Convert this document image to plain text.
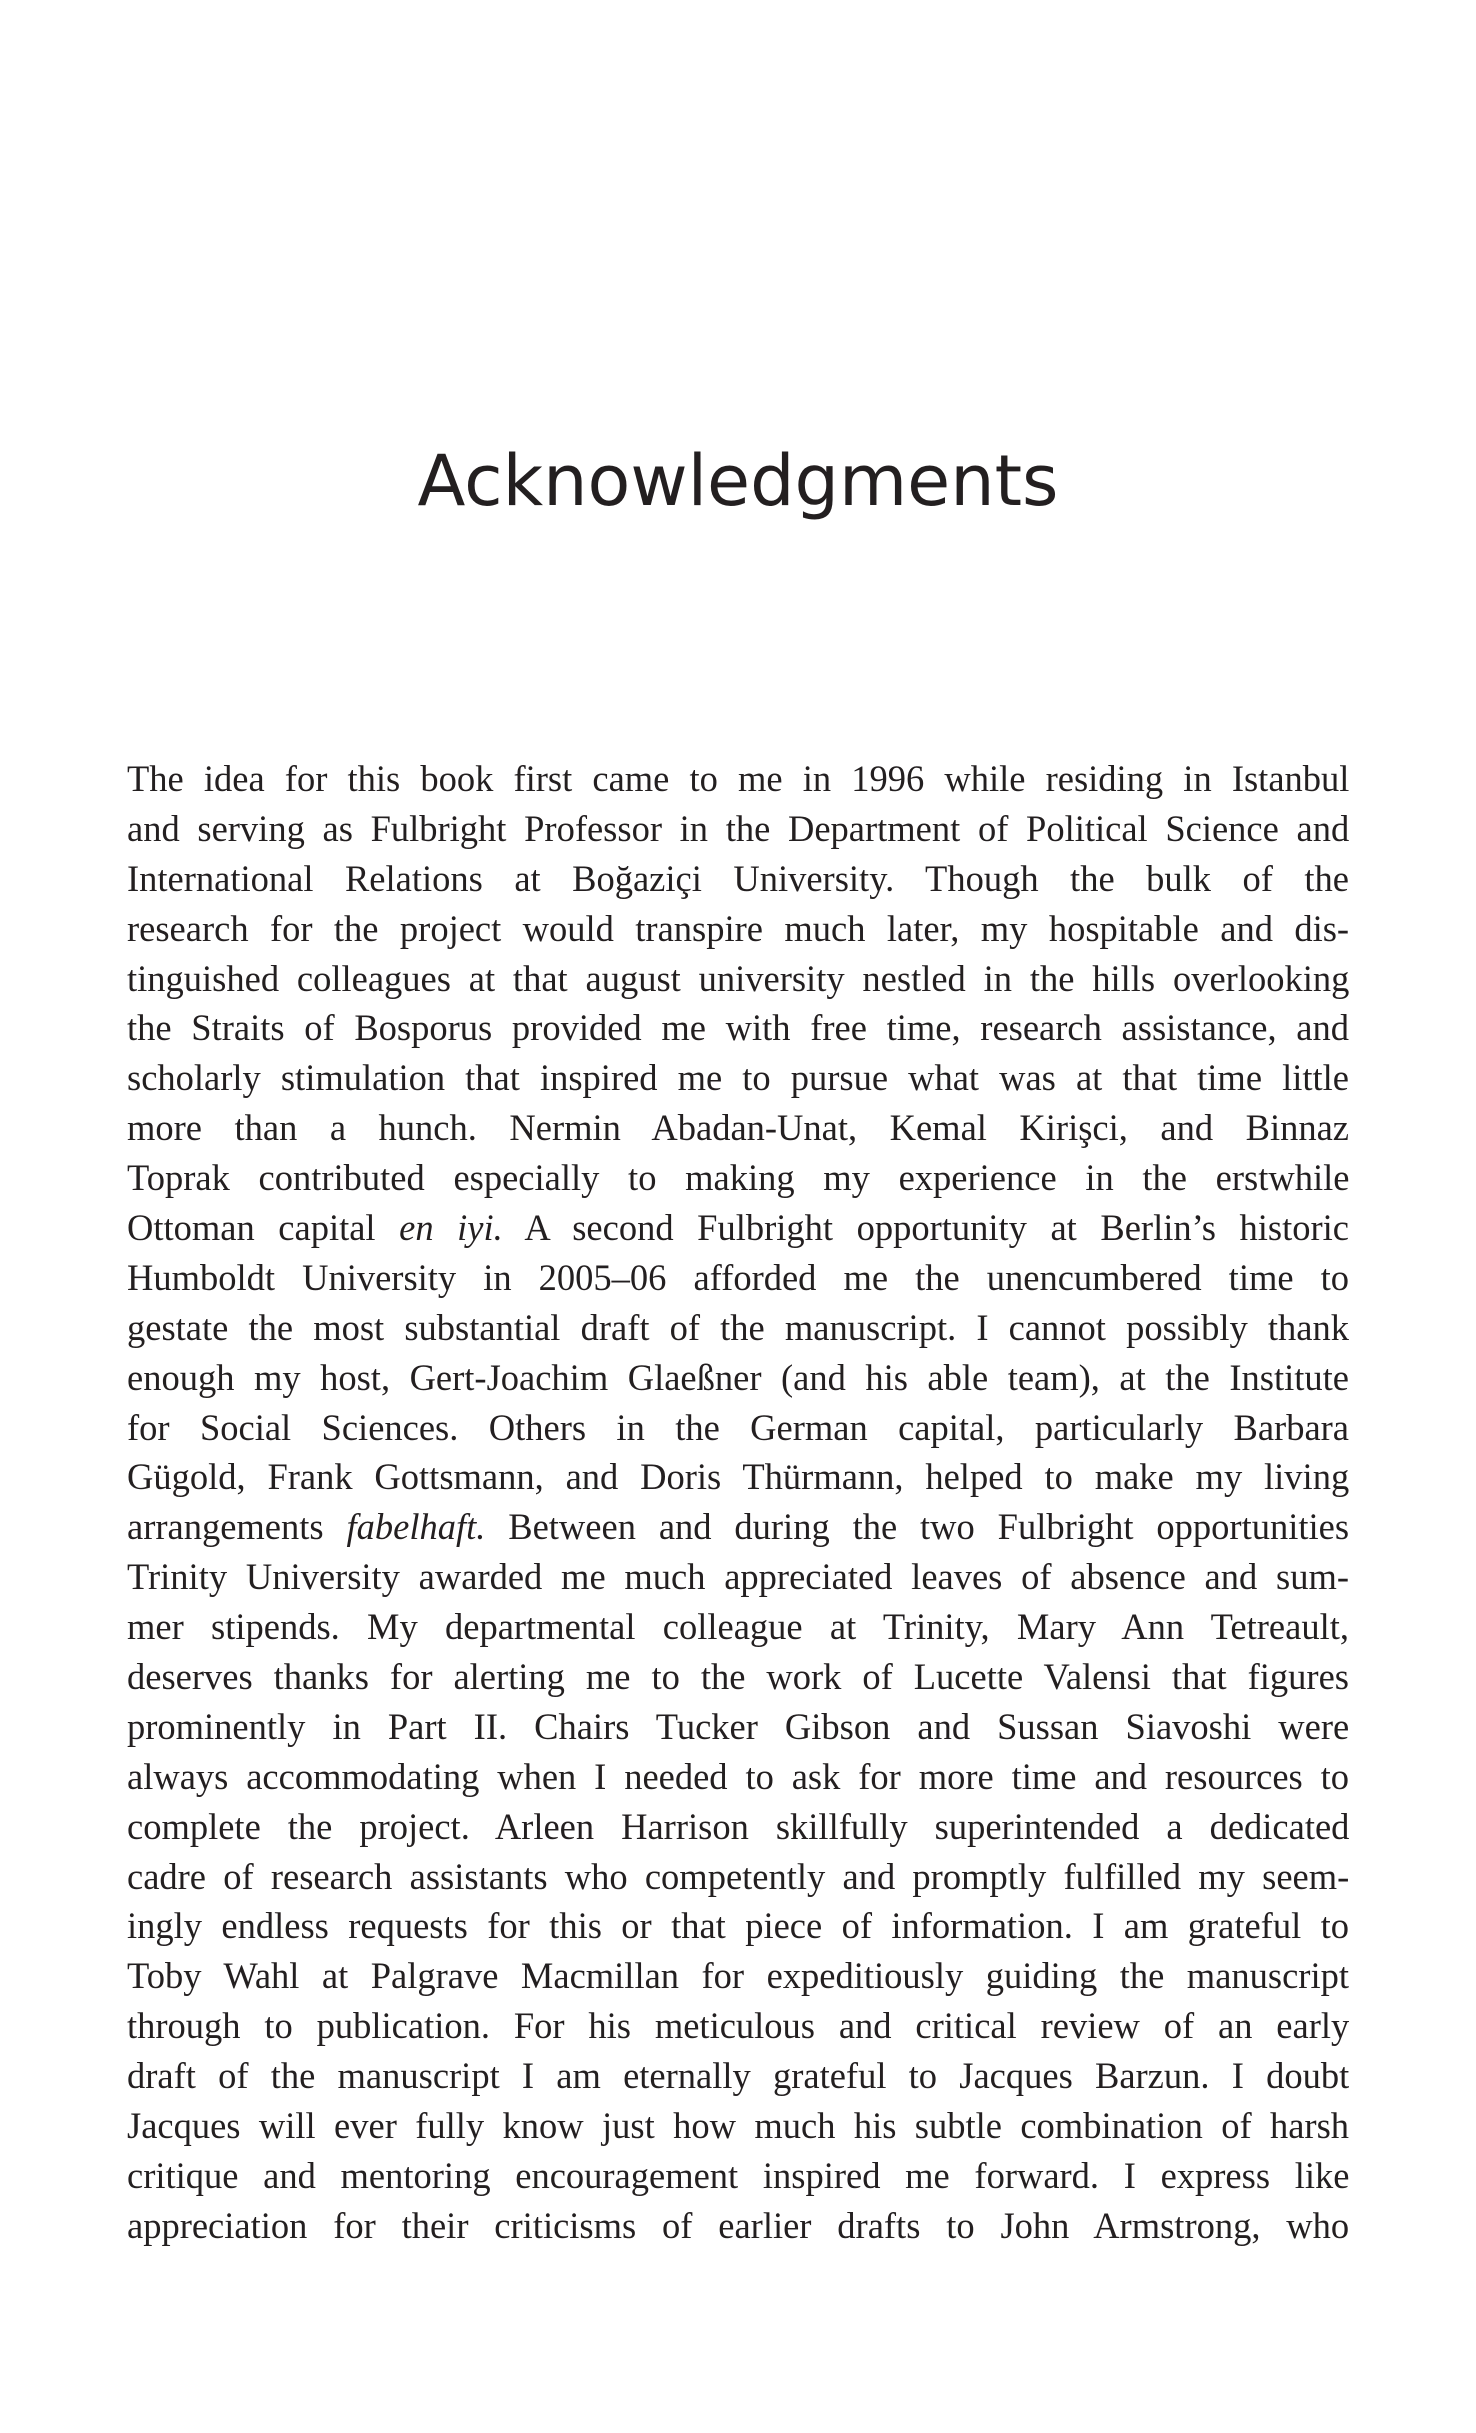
Acknowledgments
The idea for this book first came to me in 1996 while residing in Istanbul
and serving as Fulbright Professor in the Department of Political Science and
International Relations at Boğaziçi University. Though the bulk of the
research for the project would transpire much later, my hospitable and dis-
tinguished colleagues at that august university nestled in the hills overlooking
the Straits of Bosporus provided me with free time, research assistance, and
scholarly stimulation that inspired me to pursue what was at that time little
more than a hunch. Nermin Abadan-Unat, Kemal Kirişci, and Binnaz
Toprak contributed especially to making my experience in the erstwhile
Ottoman capital en iyi. A second Fulbright opportunity at Berlin’s historic
Humboldt University in 2005–06 afforded me the unencumbered time to
gestate the most substantial draft of the manuscript. I cannot possibly thank
enough my host, Gert-Joachim Glaeßner (and his able team), at the Institute
for Social Sciences. Others in the German capital, particularly Barbara
Gügold, Frank Gottsmann, and Doris Thürmann, helped to make my living
arrangements fabelhaft. Between and during the two Fulbright opportunities
Trinity University awarded me much appreciated leaves of absence and sum-
mer stipends. My departmental colleague at Trinity, Mary Ann Tetreault,
deserves thanks for alerting me to the work of Lucette Valensi that figures
prominently in Part II. Chairs Tucker Gibson and Sussan Siavoshi were
always accommodating when I needed to ask for more time and resources to
complete the project. Arleen Harrison skillfully superintended a dedicated
cadre of research assistants who competently and promptly fulfilled my seem-
ingly endless requests for this or that piece of information. I am grateful to
Toby Wahl at Palgrave Macmillan for expeditiously guiding the manuscript
through to publication. For his meticulous and critical review of an early
draft of the manuscript I am eternally grateful to Jacques Barzun. I doubt
Jacques will ever fully know just how much his subtle combination of harsh
critique and mentoring encouragement inspired me forward. I express like
appreciation for their criticisms of earlier drafts to John Armstrong, who
